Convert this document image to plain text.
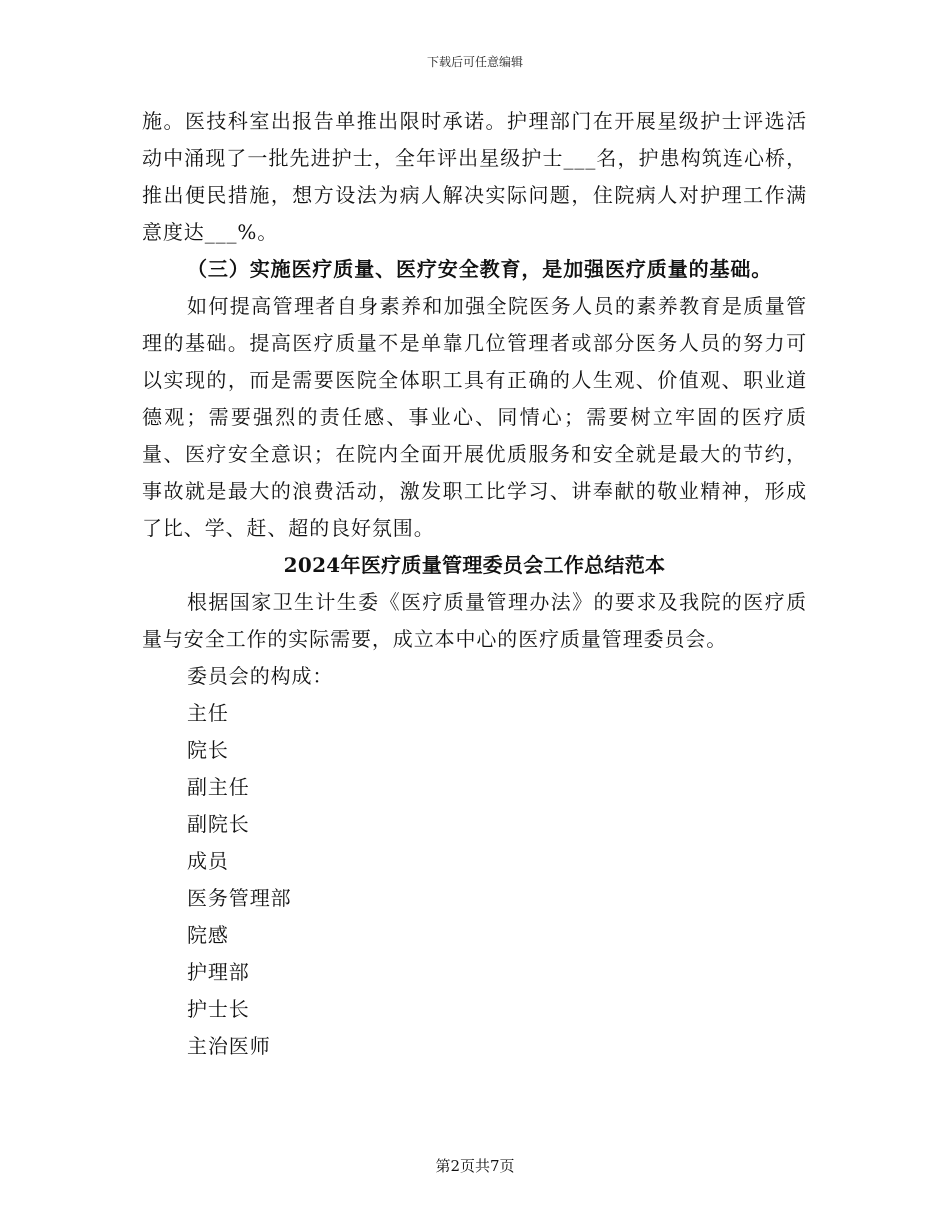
下载后可任意编辑

施。医技科室出报告单推出限时承诺。护理部门在开展星级护士评选活动中涌现了一批先进护士，全年评出星级护士___名，护患构筑连心桥，推出便民措施，想方设法为病人解决实际问题，住院病人对护理工作满意度达___%。

（三）实施医疗质量、医疗安全教育，是加强医疗质量的基础。

如何提高管理者自身素养和加强全院医务人员的素养教育是质量管理的基础。提高医疗质量不是单靠几位管理者或部分医务人员的努力可以实现的，而是需要医院全体职工具有正确的人生观、价值观、职业道德观；需要强烈的责任感、事业心、同情心；需要树立牢固的医疗质量、医疗安全意识；在院内全面开展优质服务和安全就是最大的节约，事故就是最大的浪费活动，激发职工比学习、讲奉献的敬业精神，形成了比、学、赶、超的良好氛围。

2024年医疗质量管理委员会工作总结范本

根据国家卫生计生委《医疗质量管理办法》的要求及我院的医疗质量与安全工作的实际需要，成立本中心的医疗质量管理委员会。

委员会的构成：

主任
院长
副主任
副院长
成员
医务管理部
院感
护理部
护士长
主治医师
第2页共7页
